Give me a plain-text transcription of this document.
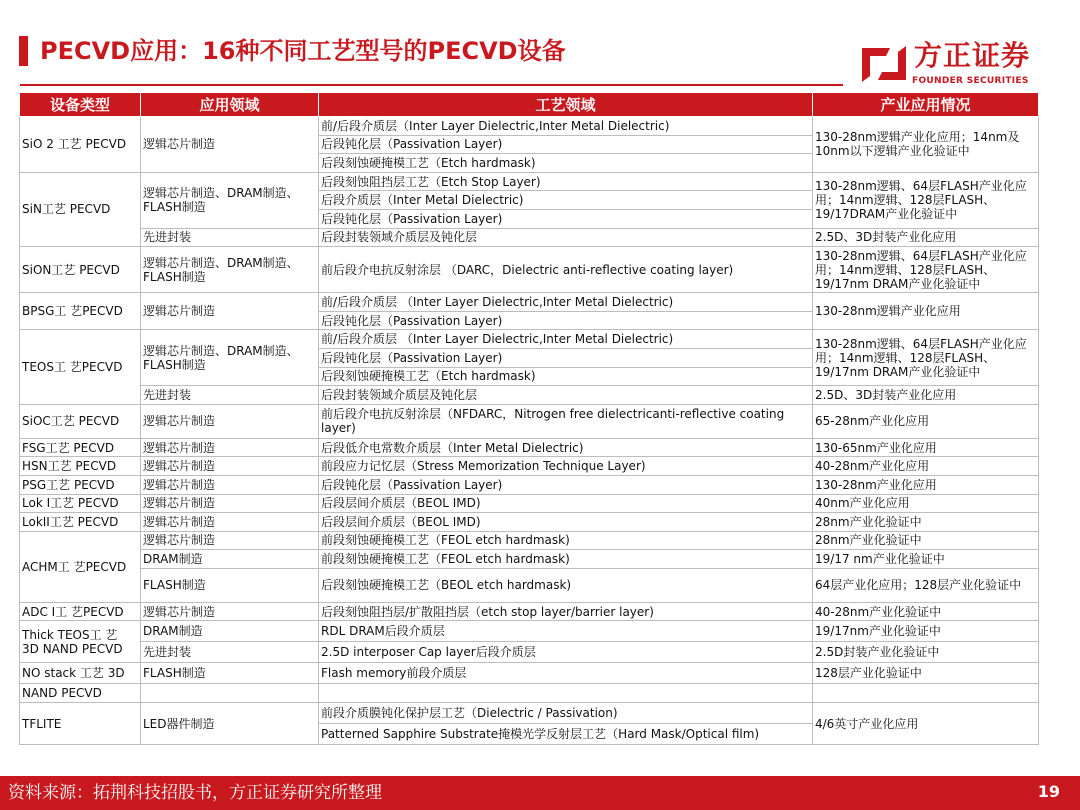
PECVD应用：16种不同工艺型号的PECVD设备	方正证券
FOUNDER SECURITIES
设备类型	应用领域	工艺领域	产业应用情况
SiO 2 工艺 PECVD	逻辑芯片制造	前/后段介质层（Inter Layer Dielectric,Inter Metal Dielectric)	130-28nm逻辑产业化应用；14nm及10nm以下逻辑产业化验证中
		后段钝化层（Passivation Layer)	
		后段刻蚀硬掩模工艺（Etch hardmask)	
SiN工艺 PECVD	逻辑芯片制造、DRAM制造、FLASH制造	后段刻蚀阻挡层工艺（Etch Stop Layer)	130-28nm逻辑、64层FLASH产业化应用；14nm逻辑、128层FLASH、19/17DRAM产业化验证中
		后段介质层（Inter Metal Dielectric)	
		后段钝化层（Passivation Layer)	
	先进封装	后段封装领域介质层及钝化层	2.5D、3D封装产业化应用
SiON工艺 PECVD	逻辑芯片制造、DRAM制造、FLASH制造	前后段介电抗反射涂层 （DARC，Dielectric anti-reflective coating layer)	130-28nm逻辑、64层FLASH产业化应用；14nm逻辑、128层FLASH、19/17nm DRAM产业化验证中
BPSG工 艺PECVD	逻辑芯片制造	前/后段介质层 （Inter Layer Dielectric,Inter Metal Dielectric)	130-28nm逻辑产业化应用
		后段钝化层（Passivation Layer)	
TEOS工 艺PECVD	逻辑芯片制造、DRAM制造、FLASH制造	前/后段介质层 （Inter Layer Dielectric,Inter Metal Dielectric)	130-28nm逻辑、64层FLASH产业化应用；14nm逻辑、128层FLASH、19/17nm DRAM产业化验证中
		后段钝化层（Passivation Layer)	
		后段刻蚀硬掩模工艺（Etch hardmask)	
	先进封装	后段封装领域介质层及钝化层	2.5D、3D封装产业化应用
SiOC工艺 PECVD	逻辑芯片制造	前后段介电抗反射涂层（NFDARC，Nitrogen free dielectricanti-reflective coating layer)	65-28nm产业化应用
FSG工艺 PECVD	逻辑芯片制造	后段低介电常数介质层（Inter Metal Dielectric)	130-65nm产业化应用
HSN工艺 PECVD	逻辑芯片制造	前段应力记忆层（Stress Memorization Technique Layer)	40-28nm产业化应用
PSG工艺 PECVD	逻辑芯片制造	后段钝化层（Passivation Layer)	130-28nm产业化应用
Lok I工艺 PECVD	逻辑芯片制造	后段层间介质层（BEOL IMD)	40nm产业化应用
LokII工艺 PECVD	逻辑芯片制造	后段层间介质层（BEOL IMD)	28nm产业化验证中
ACHM工 艺PECVD	逻辑芯片制造	前段刻蚀硬掩模工艺（FEOL etch hardmask)	28nm产业化验证中
	DRAM制造	前段刻蚀硬掩模工艺（FEOL etch hardmask)	19/17 nm产业化验证中
	FLASH制造	后段刻蚀硬掩模工艺（BEOL etch hardmask)	64层产业化应用；128层产业化验证中
ADC I工 艺PECVD	逻辑芯片制造	后段刻蚀阻挡层/扩散阻挡层（etch stop layer/barrier layer)	40-28nm产业化验证中
Thick TEOS工 艺 3D NAND PECVD	DRAM制造	RDL DRAM后段介质层	19/17nm产业化验证中
	先进封装	2.5D interposer Cap layer后段介质层	2.5D封装产业化验证中
NO stack 工艺 3D	FLASH制造	Flash memory前段介质层	128层产业化验证中
NAND PECVD			
TFLITE	LED器件制造	前段介质膜钝化保护层工艺（Dielectric / Passivation)	4/6英寸产业化应用
		Patterned Sapphire Substrate掩模光学反射层工艺（Hard Mask/Optical film)	
资料来源：拓荆科技招股书，方正证券研究所整理	19
